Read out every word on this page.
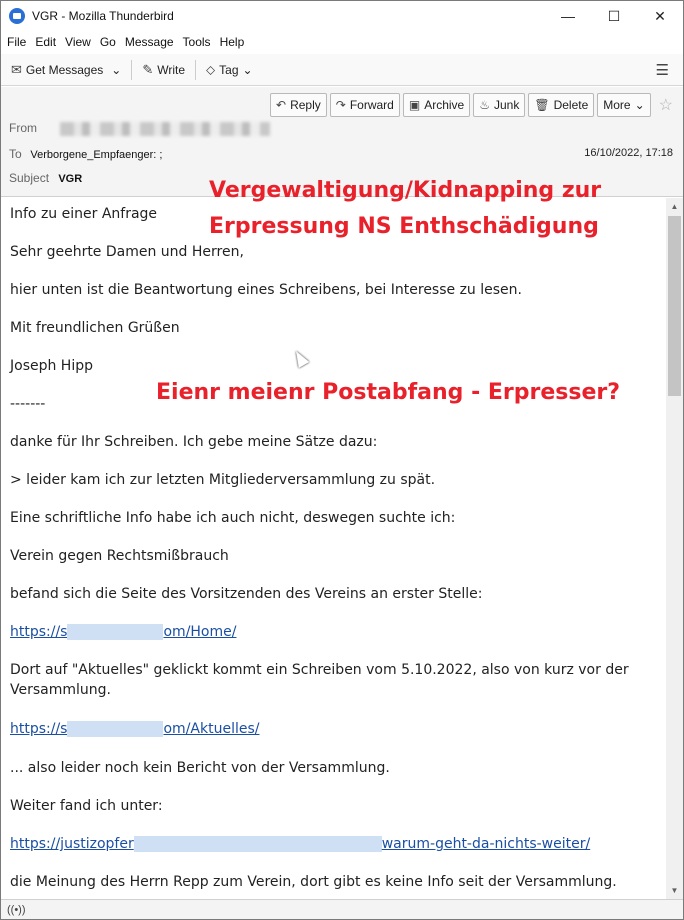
VGR - Mozilla Thunderbird	—	☐	✕
File Edit View Go Message Tools Help
✉ Get Messages ⌄ ✎ Write ⬦ Tag ⌄	☰
↶ Reply ↷ Forward ▣ Archive ♨ Junk 🗑 Delete More ⌄ ☆
From
To Verborgene_Empfaenger: ;	16/10/2022, 17:18
Subject VGR
Info zu einer Anfrage
Sehr geehrte Damen und Herren,
hier unten ist die Beantwortung eines Schreibens, bei Interesse zu lesen.
Mit freundlichen Grüßen
Joseph Hipp
-------
danke für Ihr Schreiben. Ich gebe meine Sätze dazu:
> leider kam ich zur letzten Mitgliederversammlung zu spät.
Eine schriftliche Info habe ich auch nicht, deswegen suchte ich:
Verein gegen Rechtsmißbrauch
befand sich die Seite des Vorsitzenden des Vereins an erster Stelle:
https://s	om/Home/
Dort auf "Aktuelles" geklickt kommt ein Schreiben vom 5.10.2022, also von kurz vor der
Versammlung.
https://s	om/Aktuelles/
... also leider noch kein Bericht von der Versammlung.
Weiter fand ich unter:
https://justizopfer	warum-geht-da-nichts-weiter/
die Meinung des Herrn Repp zum Verein, dort gibt es keine Info seit der Versammlung.
▲
▼
Vergewaltigung/Kidnapping zur
Erpressung NS Enthschädigung
Eienr meienr Postabfang - Erpresser?
((•))
